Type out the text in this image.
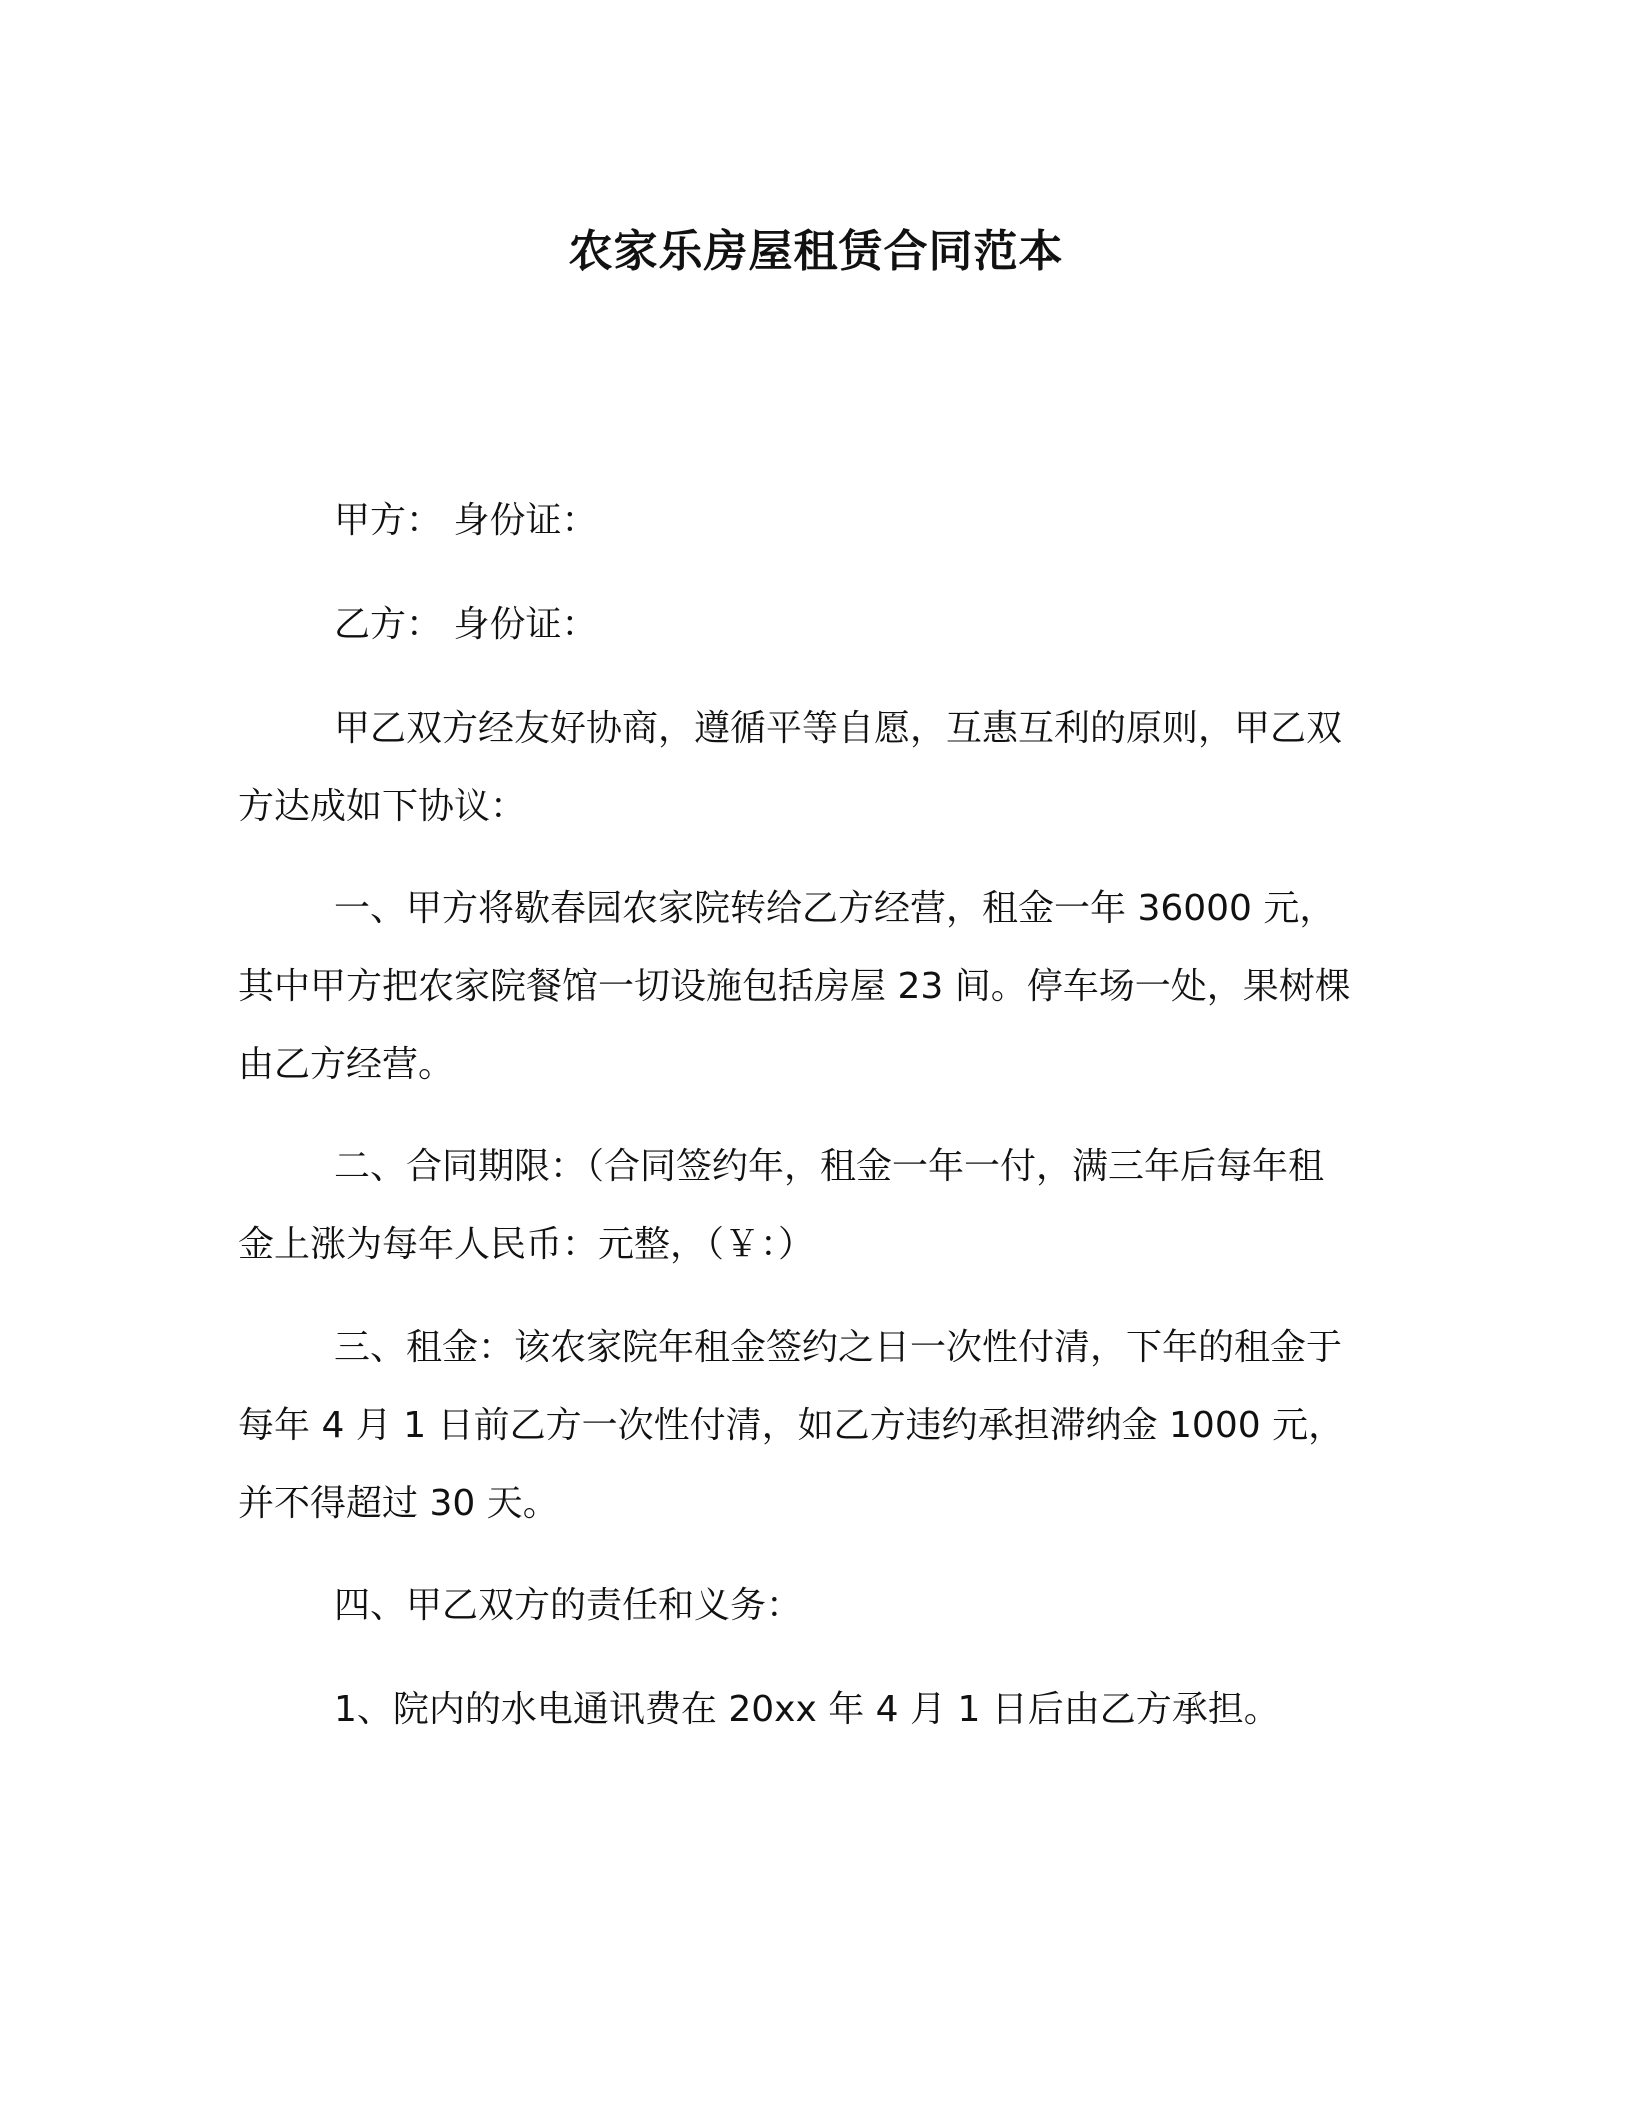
农家乐房屋租赁合同范本
甲方： 身份证：
乙方： 身份证：
甲乙双方经友好协商，遵循平等自愿，互惠互利的原则，甲乙双
方达成如下协议：
一、甲方将歇春园农家院转给乙方经营，租金一年 36000 元，
其中甲方把农家院餐馆一切设施包括房屋 23 间。停车场一处，果树棵
由乙方经营。
二、合同期限：（合同签约年，租金一年一付，满三年后每年租
金上涨为每年人民币：元整，（￥：）
三、租金：该农家院年租金签约之日一次性付清，下年的租金于
每年 4 月 1 日前乙方一次性付清，如乙方违约承担滞纳金 1000 元，
并不得超过 30 天。
四、甲乙双方的责任和义务：
1、院内的水电通讯费在 20xx 年 4 月 1 日后由乙方承担。
